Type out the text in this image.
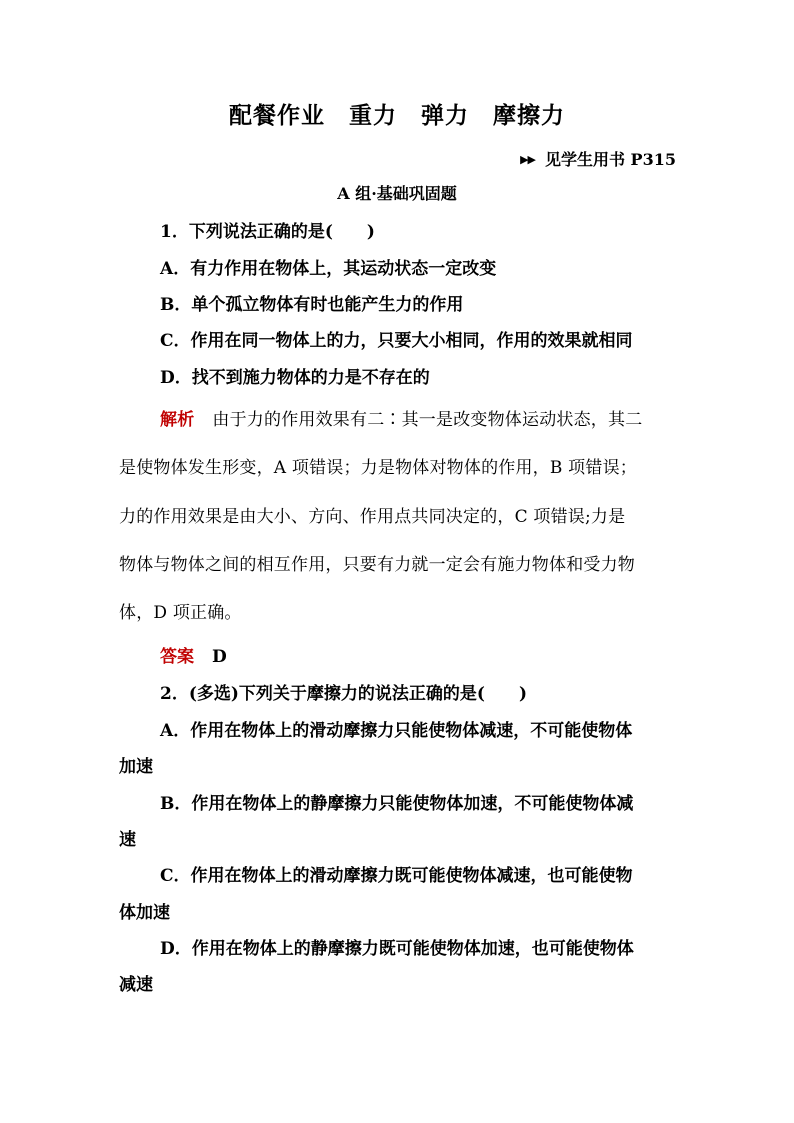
配餐作业　重力　弹力　摩擦力
▶▶ 见学生用书 P315
A 组·基础巩固题
1．下列说法正确的是(　　)
A．有力作用在物体上，其运动状态一定改变
B．单个孤立物体有时也能产生力的作用
C．作用在同一物体上的力，只要大小相同，作用的效果就相同
D．找不到施力物体的力是不存在的
解析 由于力的作用效果有二∶其一是改变物体运动状态，其二
是使物体发生形变，A 项错误；力是物体对物体的作用，B 项错误；
力的作用效果是由大小、方向、作用点共同决定的，C 项错误;力是
物体与物体之间的相互作用，只要有力就一定会有施力物体和受力物
体，D 项正确。
答案 D
2．(多选)下列关于摩擦力的说法正确的是(　　)
A．作用在物体上的滑动摩擦力只能使物体减速，不可能使物体
加速
B．作用在物体上的静摩擦力只能使物体加速，不可能使物体减
速
C．作用在物体上的滑动摩擦力既可能使物体减速，也可能使物
体加速
D．作用在物体上的静摩擦力既可能使物体加速，也可能使物体
减速
